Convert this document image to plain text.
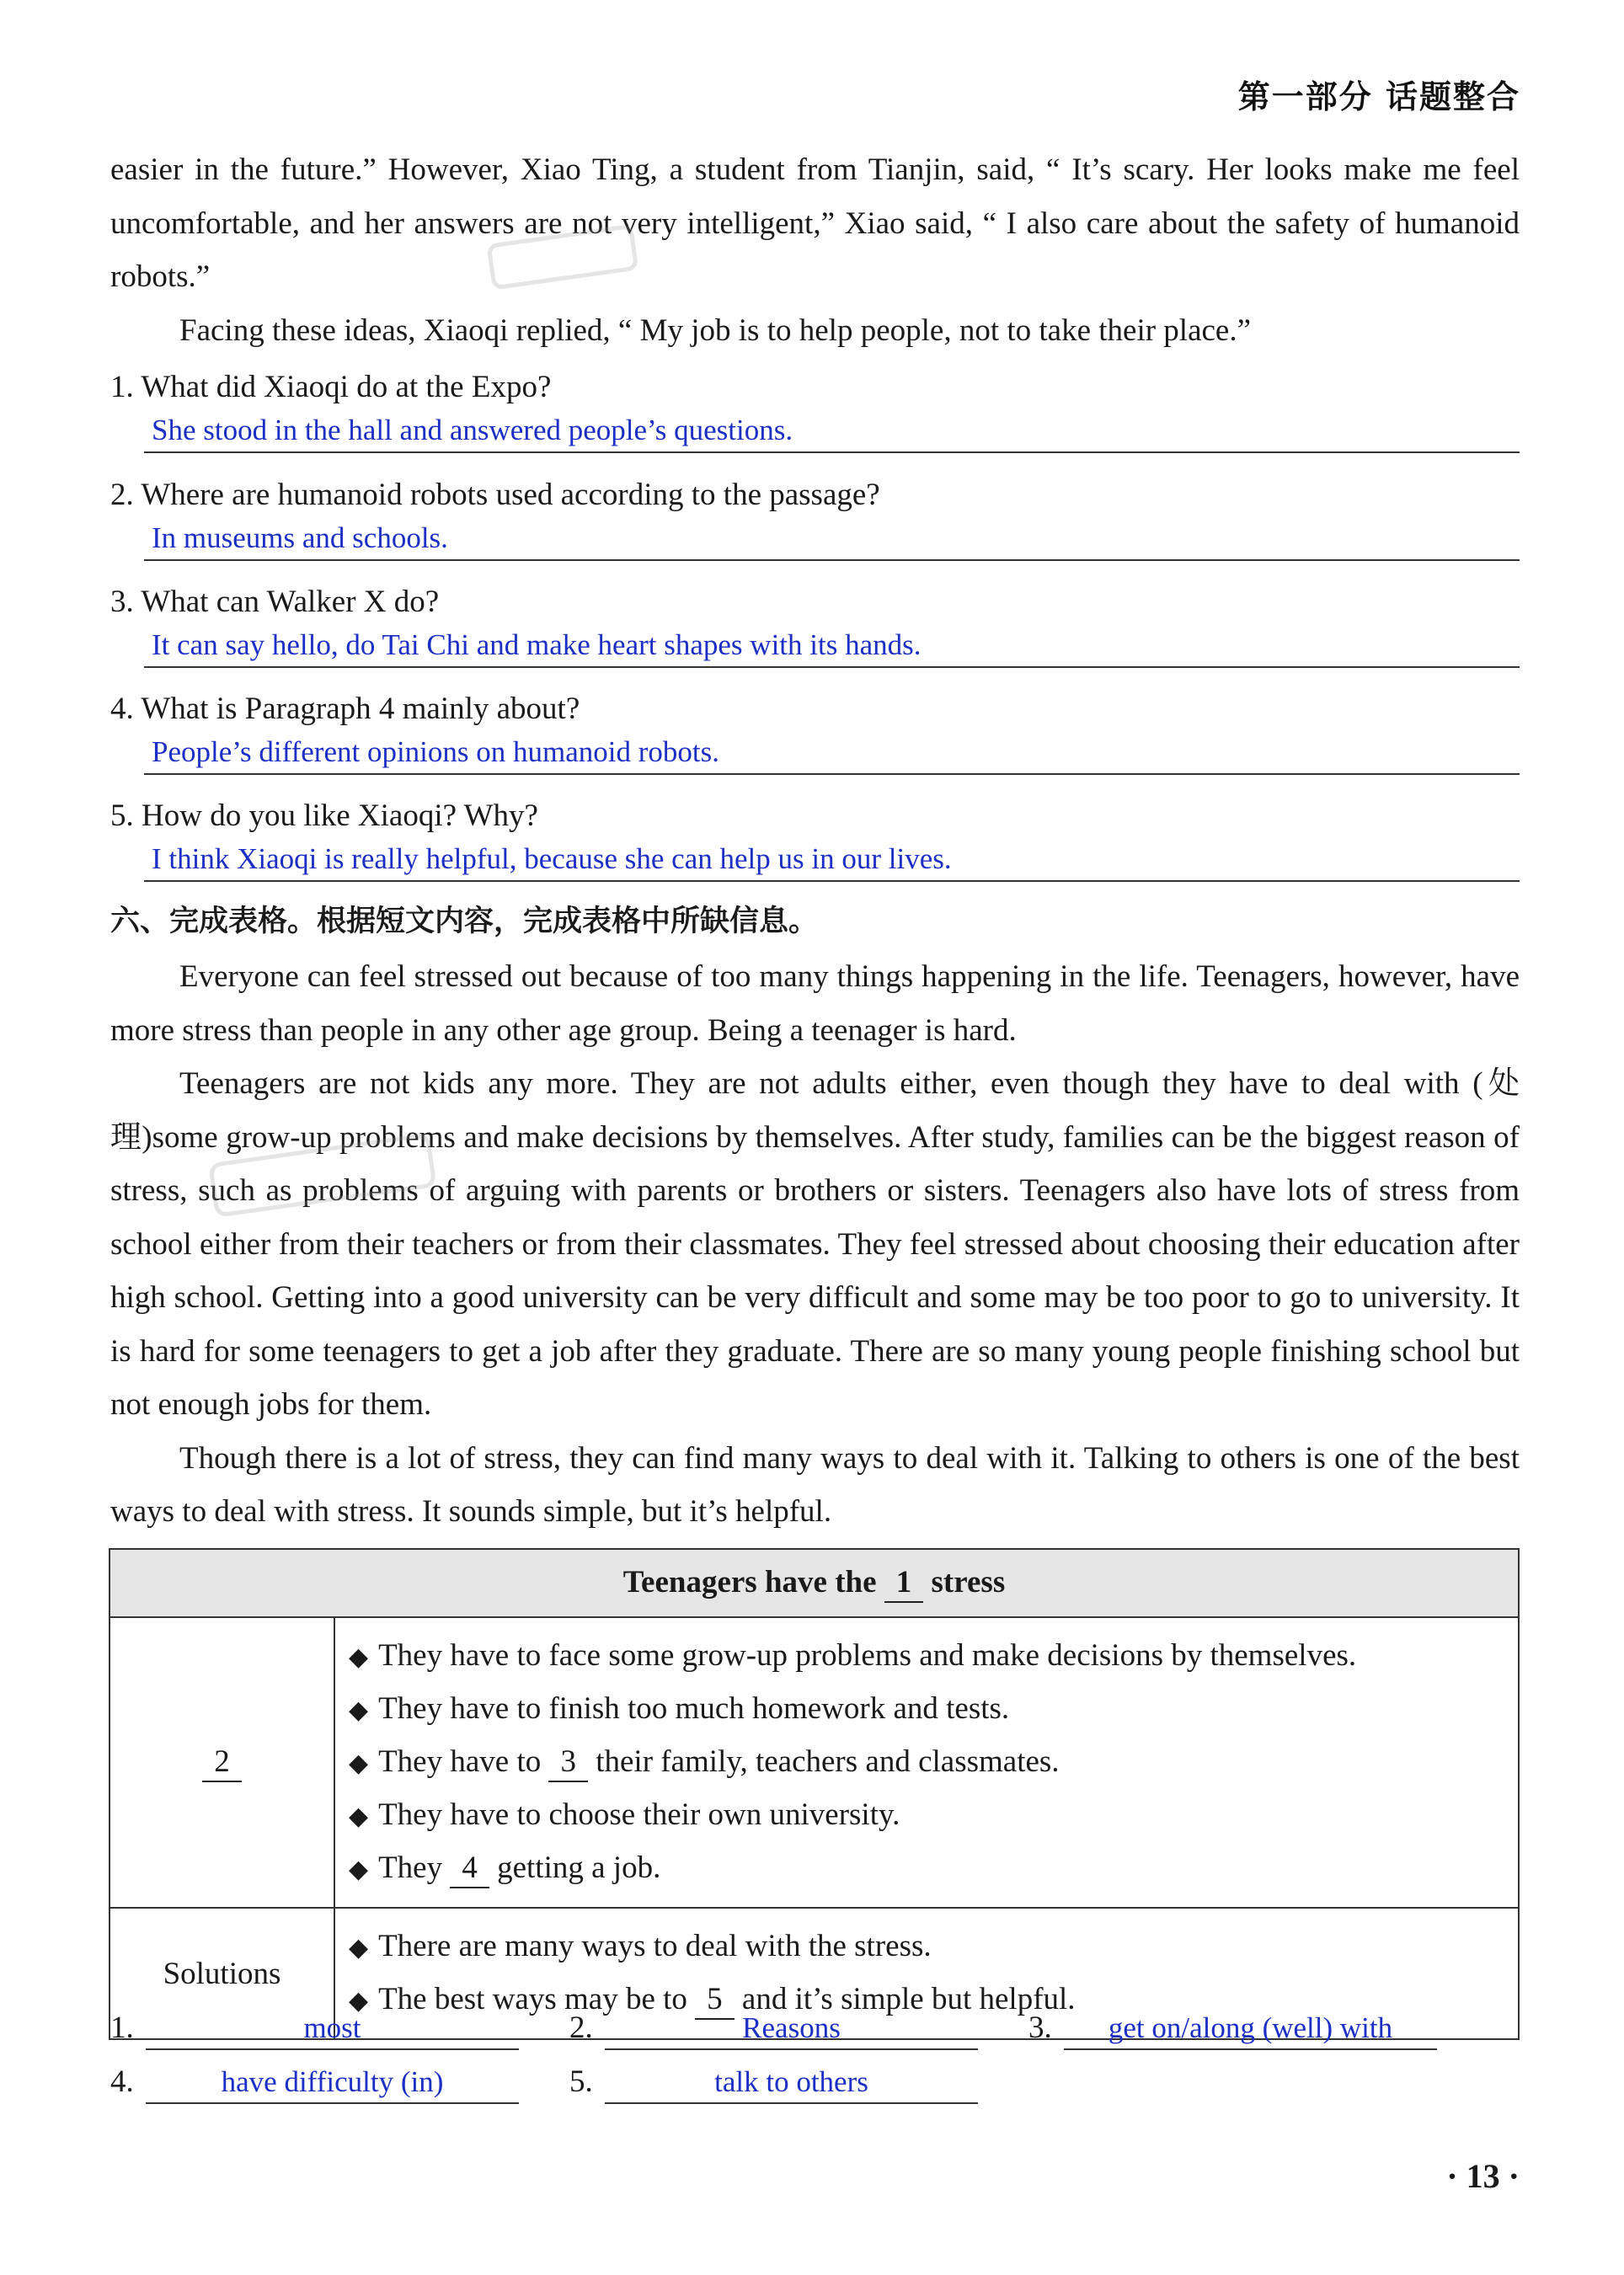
第一部分 话题整合

easier in the future.” However, Xiao Ting, a student from Tianjin, said, “ It’s scary. Her looks make me feel uncomfortable, and her answers are not very intelligent,” Xiao said, “ I also care about the safety of humanoid robots.”

Facing these ideas, Xiaoqi replied, “ My job is to help people, not to take their place.”

1. What did Xiaoqi do at the Expo?
She stood in the hall and answered people’s questions.
2. Where are humanoid robots used according to the passage?
In museums and schools.
3. What can Walker X do?
It can say hello, do Tai Chi and make heart shapes with its hands.
4. What is Paragraph 4 mainly about?
People’s different opinions on humanoid robots.
5. How do you like Xiaoqi? Why?
I think Xiaoqi is really helpful, because she can help us in our lives.
六、完成表格。根据短文内容，完成表格中所缺信息。

Everyone can feel stressed out because of too many things happening in the life. Teenagers, however, have more stress than people in any other age group. Being a teenager is hard.

Teenagers are not kids any more. They are not adults either, even though they have to deal with (处理)some grow-up problems and make decisions by themselves. After study, families can be the biggest reason of stress, such as problems of arguing with parents or brothers or sisters. Teenagers also have lots of stress from school either from their teachers or from their classmates. They feel stressed about choosing their education after high school. Getting into a good university can be very difficult and some may be too poor to go to university. It is hard for some teenagers to get a job after they graduate. There are so many young people finishing school but not enough jobs for them.

Though there is a lot of stress, they can find many ways to deal with it. Talking to others is one of the best ways to deal with stress. It sounds simple, but it’s helpful.

Teenagers have the 1 stress	
2	◆ They have to face some grow-up problems and make decisions by themselves.
◆ They have to finish too much homework and tests.
◆ They have to 3 their family, teachers and classmates.
◆ They have to choose their own university.
◆ They 4 getting a job.

Solutions	◆ There are many ways to deal with the stress.
◆ The best ways may be to 5 and it’s simple but helpful.
1.	most	2.	Reasons	3. get on/along (well) with
4.	have difficulty (in)	5.	talk to others
· 13 ·
